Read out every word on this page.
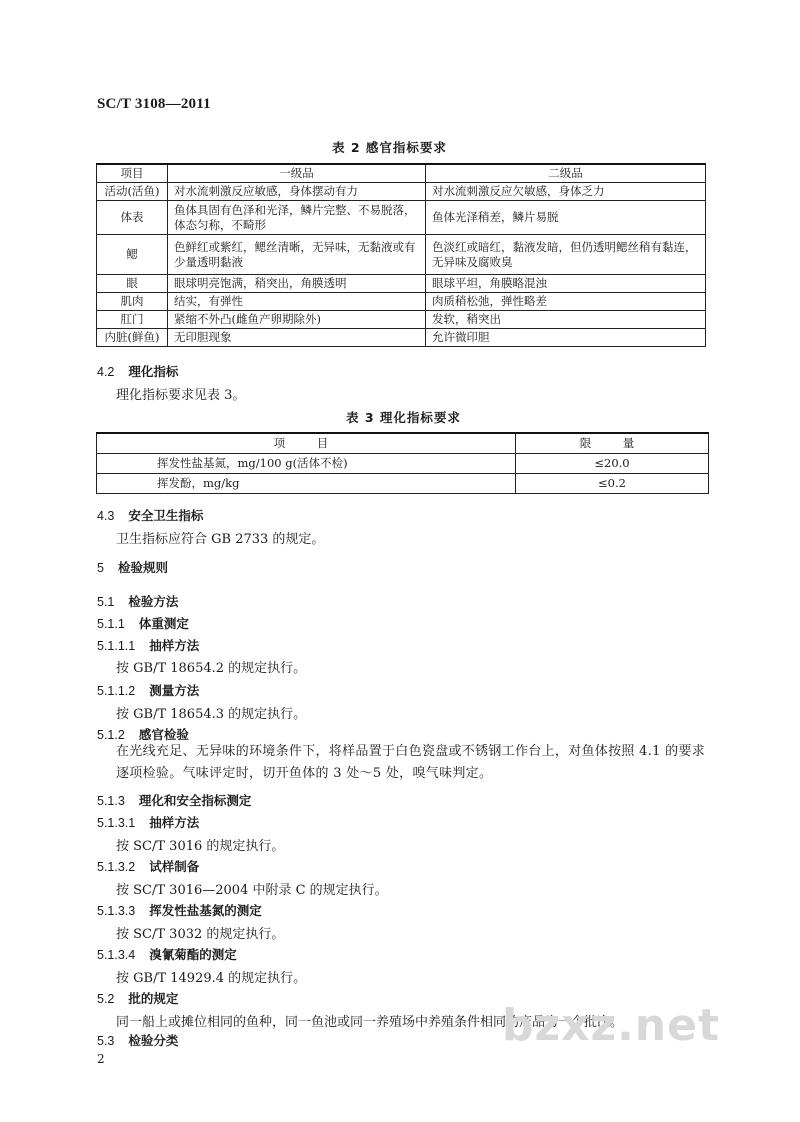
SC/T 3108—2011
表 2 感官指标要求
项目	一级品	二级品
活动(活鱼)	对水流刺激反应敏感，身体摆动有力	对水流刺激反应欠敏感，身体乏力
体表	鱼体具固有色泽和光泽，鳞片完整、不易脱落，体态匀称，不畸形	鱼体光泽稍差，鳞片易脱
鳃	色鲜红或紫红，鳃丝清晰，无异味，无黏液或有少量透明黏液	色淡红或暗红，黏液发暗，但仍透明鳃丝稍有黏连，无异味及腐败臭
眼	眼球明亮饱满，稍突出，角膜透明	眼球平坦，角膜略混浊
肌肉	结实，有弹性	肉质稍松弛，弹性略差
肛门	紧缩不外凸(雌鱼产卵期除外)	发软，稍突出
内脏(鲜鱼)	无印胆现象	允许微印胆
4.2 理化指标
理化指标要求见表 3。
表 3 理化指标要求
项　目	限　量
挥发性盐基氮，mg/100 g(活体不检)	≤20.0
挥发酚，mg/kg	≤0.2
4.3 安全卫生指标
卫生指标应符合 GB 2733 的规定。
5 检验规则
5.1 检验方法
5.1.1 体重测定
5.1.1.1 抽样方法
按 GB/T 18654.2 的规定执行。
5.1.1.2 测量方法
按 GB/T 18654.3 的规定执行。
5.1.2 感官检验
在光线充足、无异味的环境条件下，将样品置于白色瓷盘或不锈钢工作台上，对鱼体按照 4.1 的要求逐项检验。气味评定时，切开鱼体的 3 处～5 处，嗅气味判定。
5.1.3 理化和安全指标测定
5.1.3.1 抽样方法
按 SC/T 3016 的规定执行。
5.1.3.2 试样制备
按 SC/T 3016—2004 中附录 C 的规定执行。
5.1.3.3 挥发性盐基氮的测定
按 SC/T 3032 的规定执行。
5.1.3.4 溴氰菊酯的测定
按 GB/T 14929.4 的规定执行。
5.2 批的规定
同一船上或摊位相同的鱼种，同一鱼池或同一养殖场中养殖条件相同的产品为一个批次。
5.3 检验分类	bzxz.net
2
